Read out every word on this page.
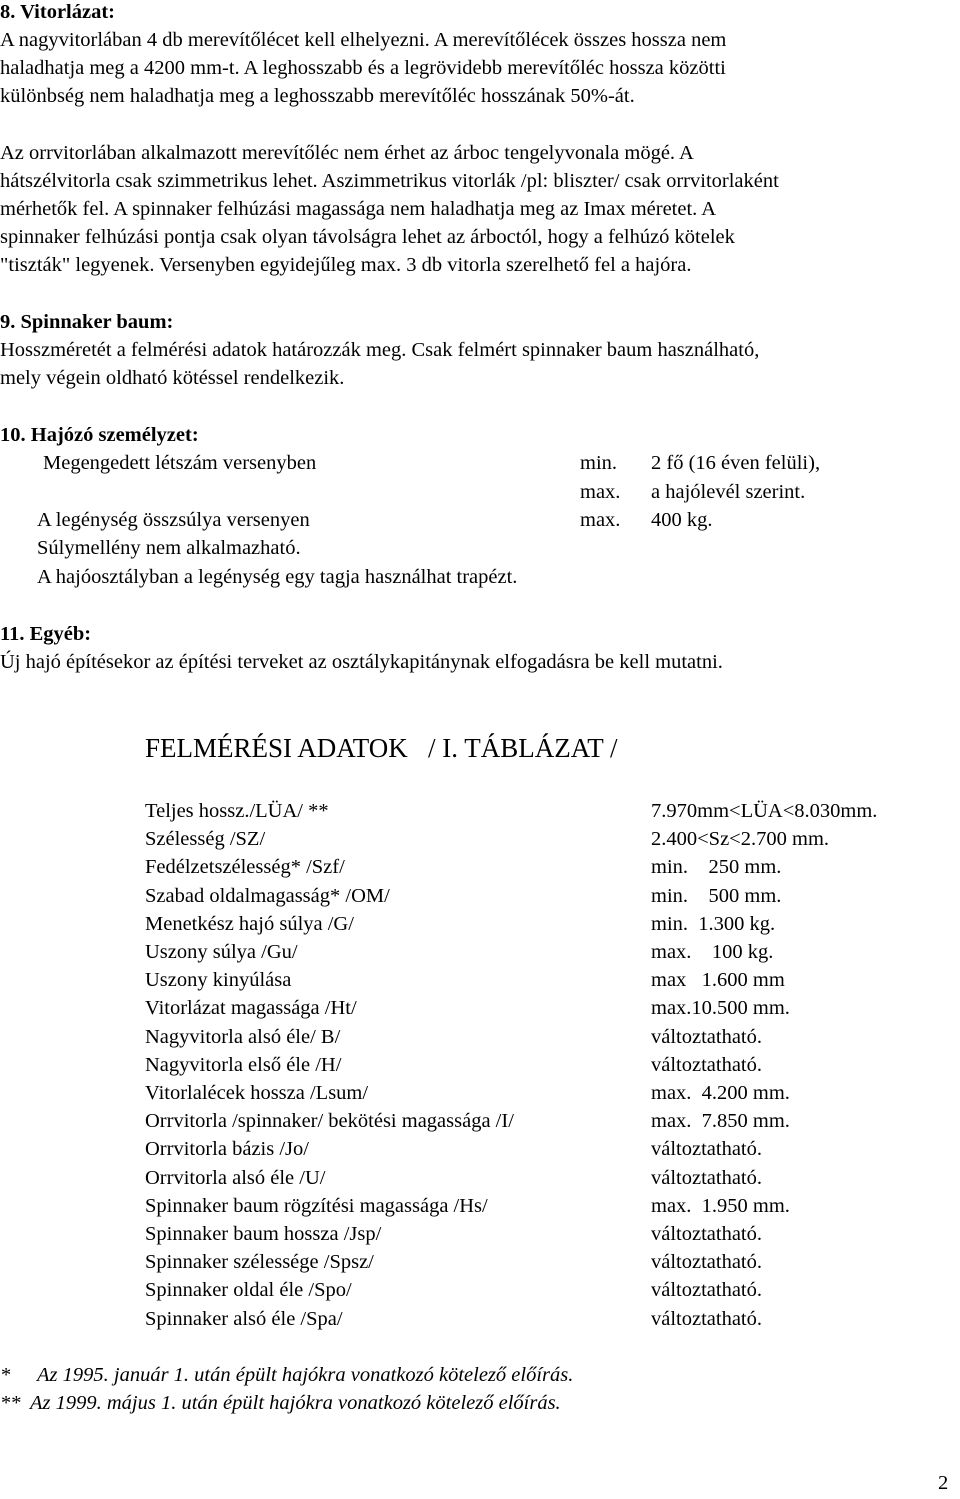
8. Vitorlázat:
A nagyvitorlában 4 db merevítőlécet kell elhelyezni. A merevítőlécek összes hossza nem
haladhatja meg a 4200 mm-t. A leghosszabb és a legrövidebb merevítőléc hossza közötti
különbség nem haladhatja meg a leghosszabb merevítőléc hosszának 50%-át.
Az orrvitorlában alkalmazott merevítőléc nem érhet az árboc tengelyvonala mögé. A
hátszélvitorla csak szimmetrikus lehet. Aszimmetrikus vitorlák /pl: bliszter/ csak orrvitorlaként
mérhetők fel. A spinnaker felhúzási magassága nem haladhatja meg az Imax méretet. A
spinnaker felhúzási pontja csak olyan távolságra lehet az árboctól, hogy a felhúzó kötelek
"tiszták" legyenek. Versenyben egyidejűleg max. 3 db vitorla szerelhető fel a hajóra.
9. Spinnaker baum:
Hosszméretét a felmérési adatok határozzák meg. Csak felmért spinnaker baum használható,
mely végein oldható kötéssel rendelkezik.
10. Hajózó személyzet:
Megengedett létszám versenyben	min. 2 fő (16 éven felüli),
max. a hajólevél szerint.
A legénység összsúlya versenyen	max. 400 kg.
Súlymellény nem alkalmazható.
A hajóosztályban a legénység egy tagja használhat trapézt.
11. Egyéb:
Új hajó építésekor az építési terveket az osztálykapitánynak elfogadásra be kell mutatni.
FELMÉRÉSI ADATOK   / I. TÁBLÁZAT /
Teljes hossz./LÜA/ **	7.970mm<LÜA<8.030mm.
Szélesség /SZ/	2.400<Sz<2.700 mm.
Fedélzetszélesség* /Szf/	min.    250 mm.
Szabad oldalmagasság* /OM/	min.    500 mm.
Menetkész hajó súlya /G/	min.  1.300 kg.
Uszony súlya /Gu/	max.    100 kg.
Uszony kinyúlása	max   1.600 mm
Vitorlázat magassága /Ht/	max.10.500 mm.
Nagyvitorla alsó éle/ B/	változtatható.
Nagyvitorla első éle /H/	változtatható.
Vitorlalécek hossza /Lsum/	max.  4.200 mm.
Orrvitorla /spinnaker/ bekötési magassága /I/	max.  7.850 mm.
Orrvitorla bázis /Jo/	változtatható.
Orrvitorla alsó éle /U/	változtatható.
Spinnaker baum rögzítési magassága /Hs/	max.  1.950 mm.
Spinnaker baum hossza /Jsp/	változtatható.
Spinnaker szélessége /Spsz/	változtatható.
Spinnaker oldal éle /Spo/	változtatható.
Spinnaker alsó éle /Spa/	változtatható.
* Az 1995. január 1. után épült hajókra vonatkozó kötelező előírás.
** Az 1999. május 1. után épült hajókra vonatkozó kötelező előírás.
2
